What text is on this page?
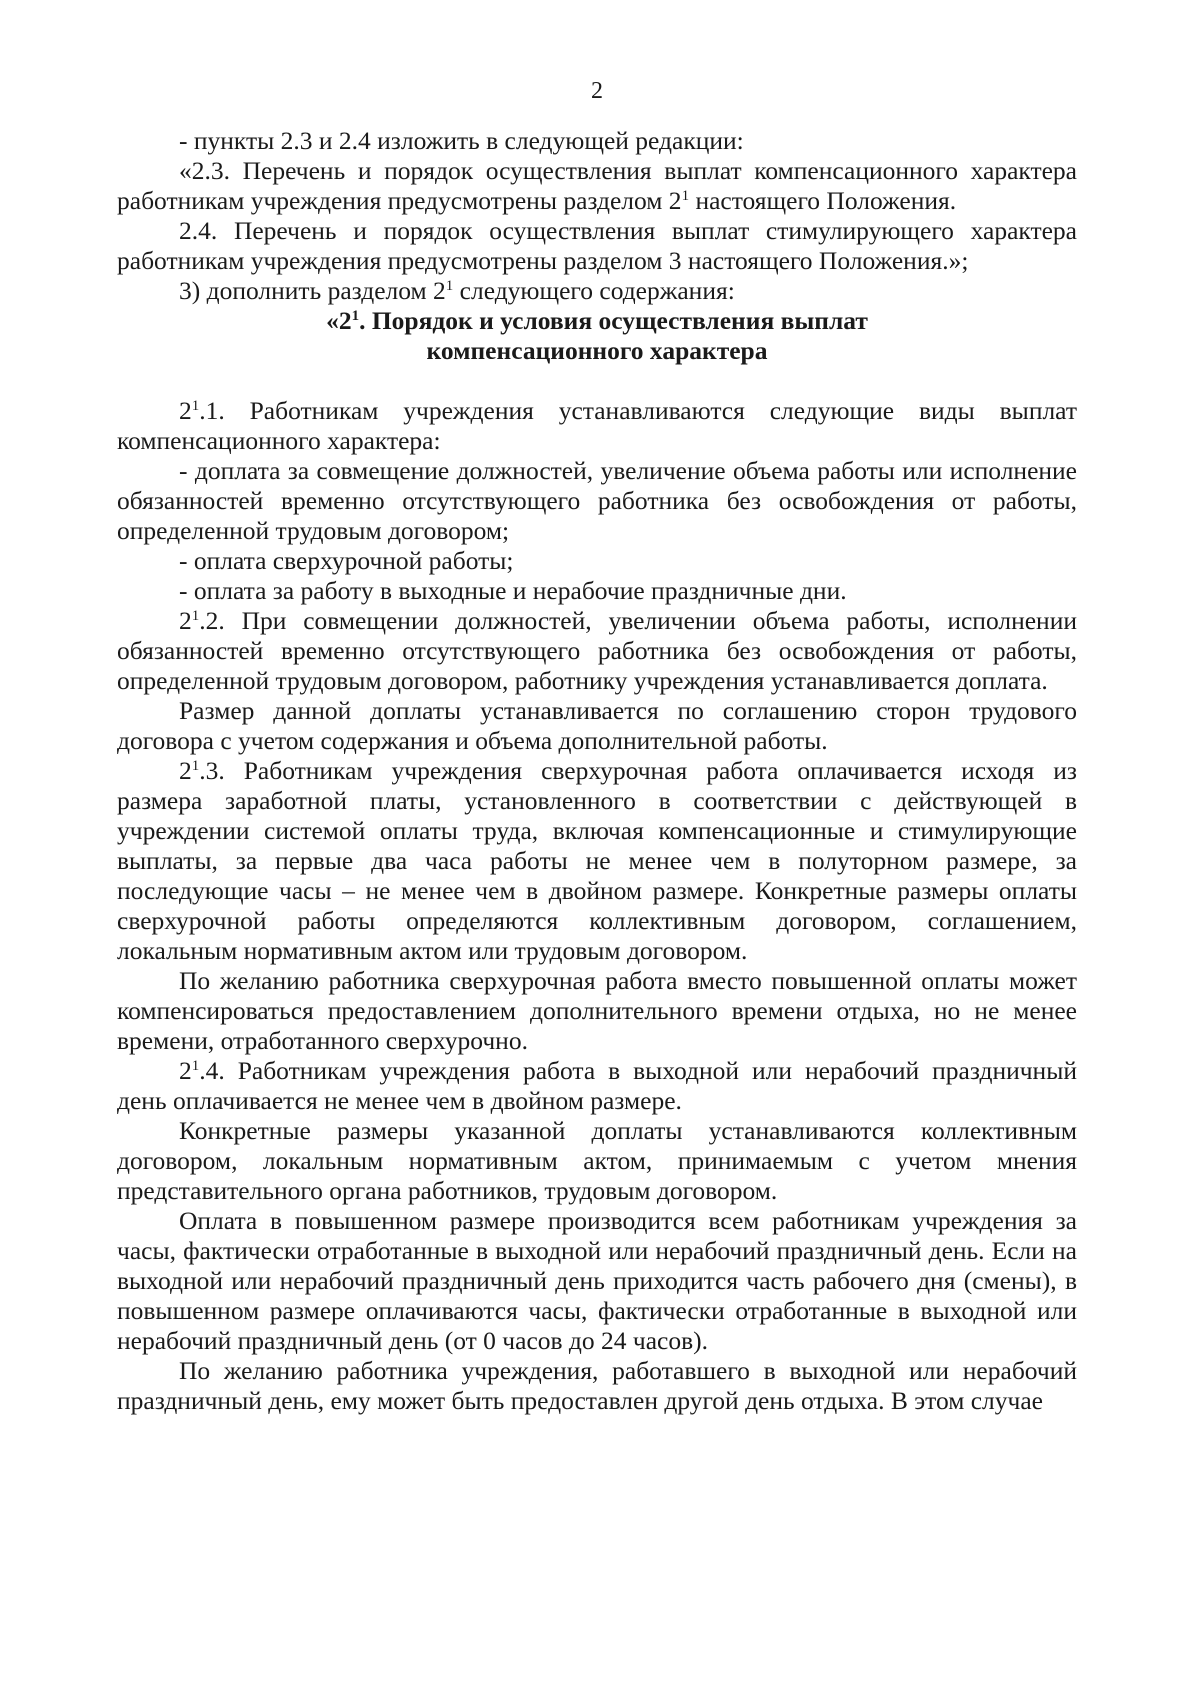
2

- пункты 2.3 и 2.4 изложить в следующей редакции:

«2.3. Перечень и порядок осуществления выплат компенсационного характера работникам учреждения предусмотрены разделом $2^1$ настоящего Положения.

2.4. Перечень и порядок осуществления выплат стимулирующего характера работникам учреждения предусмотрены разделом 3 настоящего Положения.»;

3) дополнить разделом $2^1$ следующего содержания:

«$2^1$. Порядок и условия осуществления выплат
компенсационного характера

$2^1.1$. Работникам учреждения устанавливаются следующие виды выплат компенсационного характера:

- доплата за совмещение должностей, увеличение объема работы или исполнение обязанностей временно отсутствующего работника без освобождения от работы, определенной трудовым договором;

- оплата сверхурочной работы;

- оплата за работу в выходные и нерабочие праздничные дни.

$2^1.2$. При совмещении должностей, увеличении объема работы, исполнении обязанностей временно отсутствующего работника без освобождения от работы, определенной трудовым договором, работнику учреждения устанавливается доплата.

Размер данной доплаты устанавливается по соглашению сторон трудового договора с учетом содержания и объема дополнительной работы.

$2^1.3$. Работникам учреждения сверхурочная работа оплачивается исходя из размера заработной платы, установленного в соответствии с действующей в учреждении системой оплаты труда, включая компенсационные и стимулирующие выплаты, за первые два часа работы не менее чем в полуторном размере, за последующие часы – не менее чем в двойном размере. Конкретные размеры оплаты сверхурочной работы определяются коллективным договором, соглашением, локальным нормативным актом или трудовым договором.

По желанию работника сверхурочная работа вместо повышенной оплаты может компенсироваться предоставлением дополнительного времени отдыха, но не менее времени, отработанного сверхурочно.

$2^1.4$. Работникам учреждения работа в выходной или нерабочий праздничный день оплачивается не менее чем в двойном размере.

Конкретные размеры указанной доплаты устанавливаются коллективным договором, локальным нормативным актом, принимаемым с учетом мнения представительного органа работников, трудовым договором.

Оплата в повышенном размере производится всем работникам учреждения за часы, фактически отработанные в выходной или нерабочий праздничный день. Если на выходной или нерабочий праздничный день приходится часть рабочего дня (смены), в повышенном размере оплачиваются часы, фактически отработанные в выходной или нерабочий праздничный день (от 0 часов до 24 часов).

По желанию работника учреждения, работавшего в выходной или нерабочий праздничный день, ему может быть предоставлен другой день отдыха. В этом случае
